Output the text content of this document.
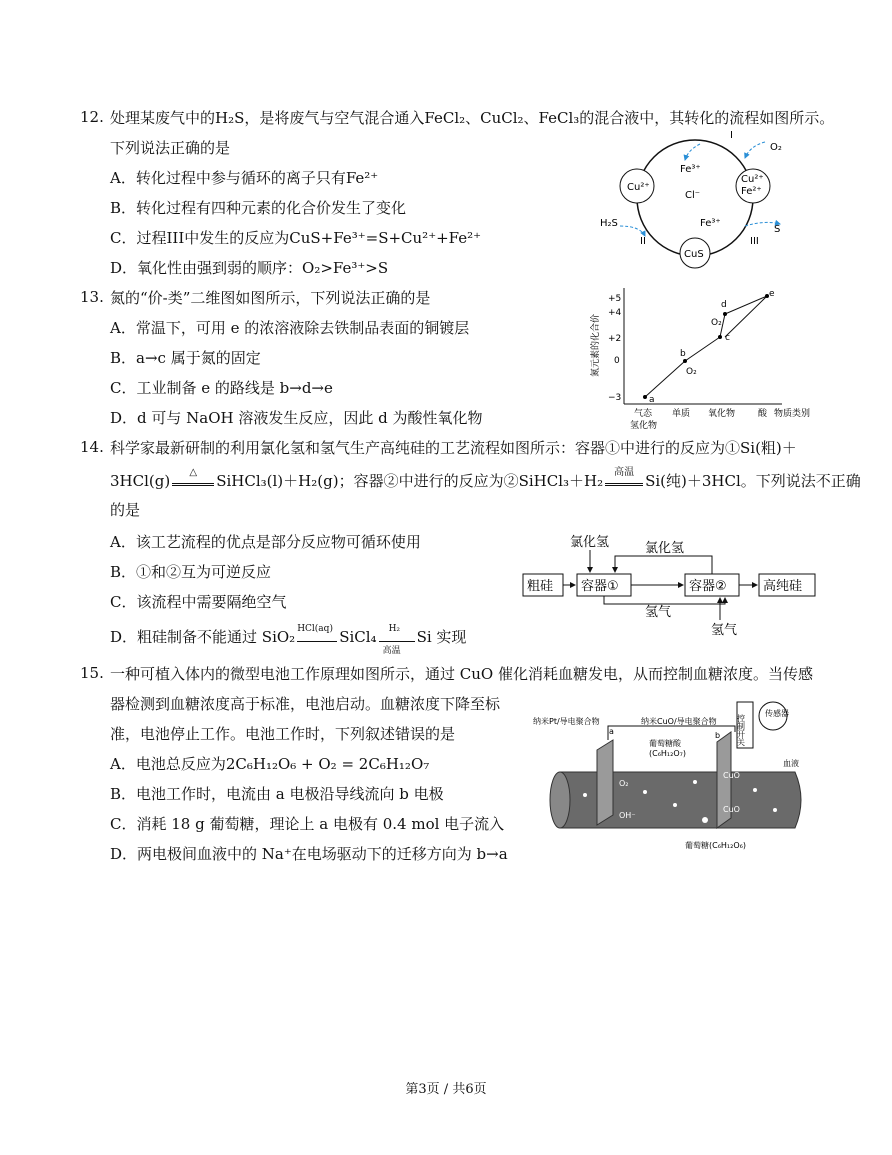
12. 处理某废气中的H₂S，是将废气与空气混合通入FeCl₂、CuCl₂、FeCl₃的混合液中，其转化的流程如图所示。
下列说法正确的是
A．转化过程中参与循环的离子只有Fe²⁺
B．转化过程有四种元素的化合价发生了变化
C．过程III中发生的反应为CuS+Fe³⁺=S+Cu²⁺+Fe²⁺
D．氧化性由强到弱的顺序：O₂>Fe³⁺>S
Cu²⁺
Cu²⁺
Fe²⁺
CuS
I
O₂
Fe³⁺
Cl⁻
H₂S	Fe³⁺
II	III
S
13. 氮的“价-类”二维图如图所示，下列说法正确的是
A．常温下，可用 e 的浓溶液除去铁制品表面的铜镀层
B．a→c 属于氮的固定
C．工业制备 e 的路线是 b→d→e
D．d 可与 NaOH 溶液发生反应，因此 d 为酸性氧化物
氮元素的化合价
+5
+4
+2
0
−3	a
b
c
d
e
O₂
O₂
气态
氢化物
单质 氧化物	酸 物质类别
14. 科学家最新研制的利用氯化氢和氢气生产高纯硅的工艺流程如图所示：容器①中进行的反应为①Si(粗)＋
3HCl(g)	△	SiHCl₃(l)＋H₂(g)；容器②中进行的反应为②SiHCl₃＋H₂	高温 Si(纯)＋3HCl。下列说法不正确
的是
A．该工艺流程的优点是部分反应物可循环使用
B．①和②互为可逆反应
C．该流程中需要隔绝空气
D．粗硅制备不能通过 SiO₂ HCl(aq) SiCl₄ H₂
高温
Si 实现
氯化氢	氯化氢
粗硅 容器①	容器②	高纯硅
氢气
氢气
15. 一种可植入体内的微型电池工作原理如图所示，通过 CuO 催化消耗血糖发电，从而控制血糖浓度。当传感
器检测到血糖浓度高于标准，电池启动。血糖浓度下降至标
准，电池停止工作。电池工作时，下列叙述错误的是
A．电池总反应为2C₆H₁₂O₆ + O₂ = 2C₆H₁₂O₇
B．电池工作时，电流由 a 电极沿导线流向 b 电极
C．消耗 18 g 葡萄糖，理论上 a 电极有 0.4 mol 电子流入
D．两电极间血液中的 Na⁺在电场驱动下的迁移方向为 b→a
控制开关
传感器
纳米Pt/导电聚合物
a
纳米CuO/导电聚合物
b
葡萄糖酸
(C₆H₁₂O₇)
CuO
CuO
血液
O₂
OH⁻
葡萄糖(C₆H₁₂O₆)
第3页 / 共6页
